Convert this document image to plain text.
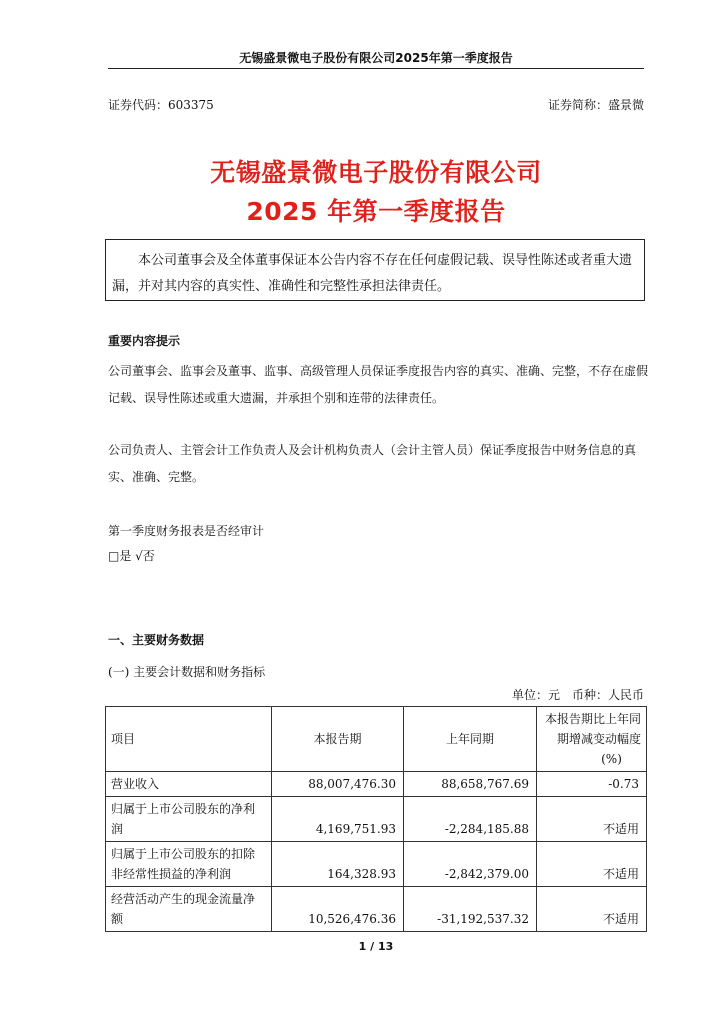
无锡盛景微电子股份有限公司2025年第一季度报告
证券代码：603375	证券简称：盛景微
无锡盛景微电子股份有限公司
2025 年第一季度报告

本公司董事会及全体董事保证本公告内容不存在任何虚假记载、误导性陈述或者重大遗漏，并对其内容的真实性、准确性和完整性承担法律责任。

重要内容提示
公司董事会、监事会及董事、监事、高级管理人员保证季度报告内容的真实、准确、完整，不存在虚假记载、误导性陈述或重大遗漏，并承担个别和连带的法律责任。
公司负责人、主管会计工作负责人及会计机构负责人（会计主管人员）保证季度报告中财务信息的真实、准确、完整。
第一季度财务报表是否经审计
□是 √否
一、主要财务数据
(一) 主要会计数据和财务指标
单位：元　币种：人民币
项目	本报告期	上年同期	本报告期比上年同
期增减变动幅度
(%)

营业收入	88,007,476.30	88,658,767.69	-0.73
归属于上市公司股东的净利润	4,169,751.93	-2,284,185.88	不适用
归属于上市公司股东的扣除非经常性损益的净利润	164,328.93	-2,842,379.00	不适用
经营活动产生的现金流量净额	10,526,476.36	-31,192,537.32	不适用
1 / 13
